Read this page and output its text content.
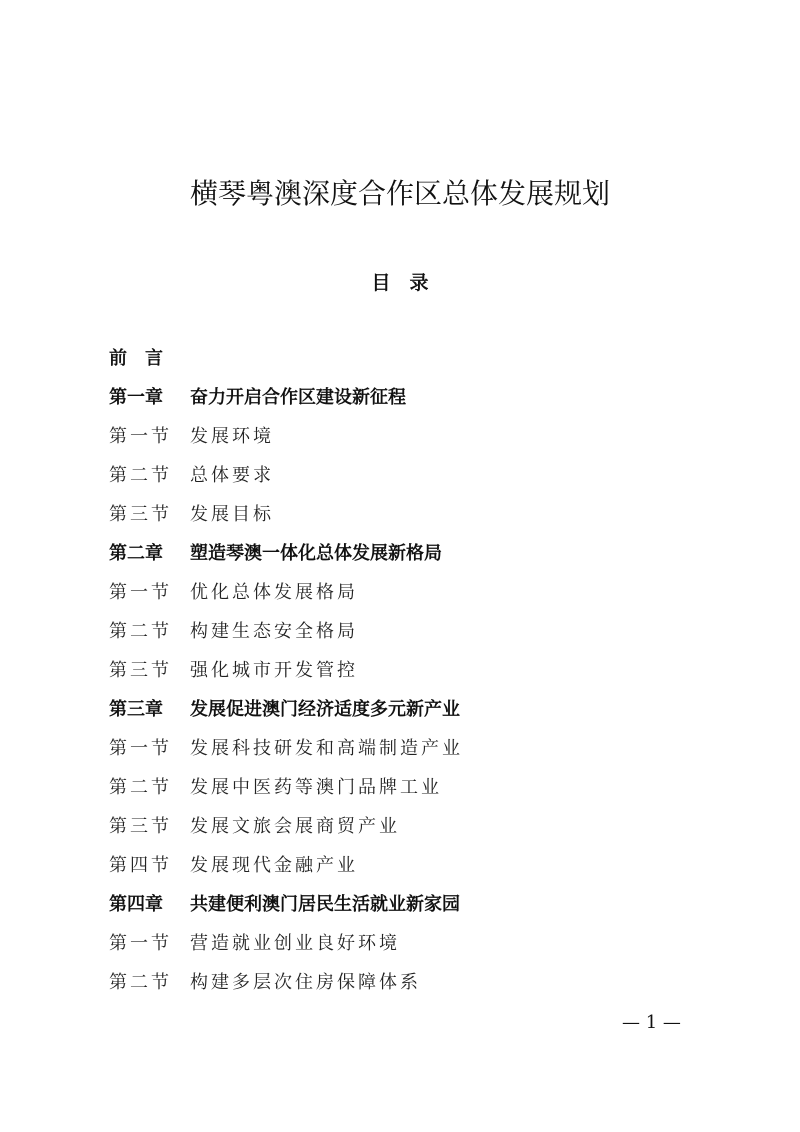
横琴粤澳深度合作区总体发展规划
目　录
前　言
第一章	奋力开启合作区建设新征程
第一节	发展环境
第二节	总体要求
第三节	发展目标
第二章	塑造琴澳一体化总体发展新格局
第一节	优化总体发展格局
第二节	构建生态安全格局
第三节	强化城市开发管控
第三章	发展促进澳门经济适度多元新产业
第一节	发展科技研发和高端制造产业
第二节	发展中医药等澳门品牌工业
第三节	发展文旅会展商贸产业
第四节	发展现代金融产业
第四章	共建便利澳门居民生活就业新家园
第一节	营造就业创业良好环境
第二节	构建多层次住房保障体系
— 1 —
